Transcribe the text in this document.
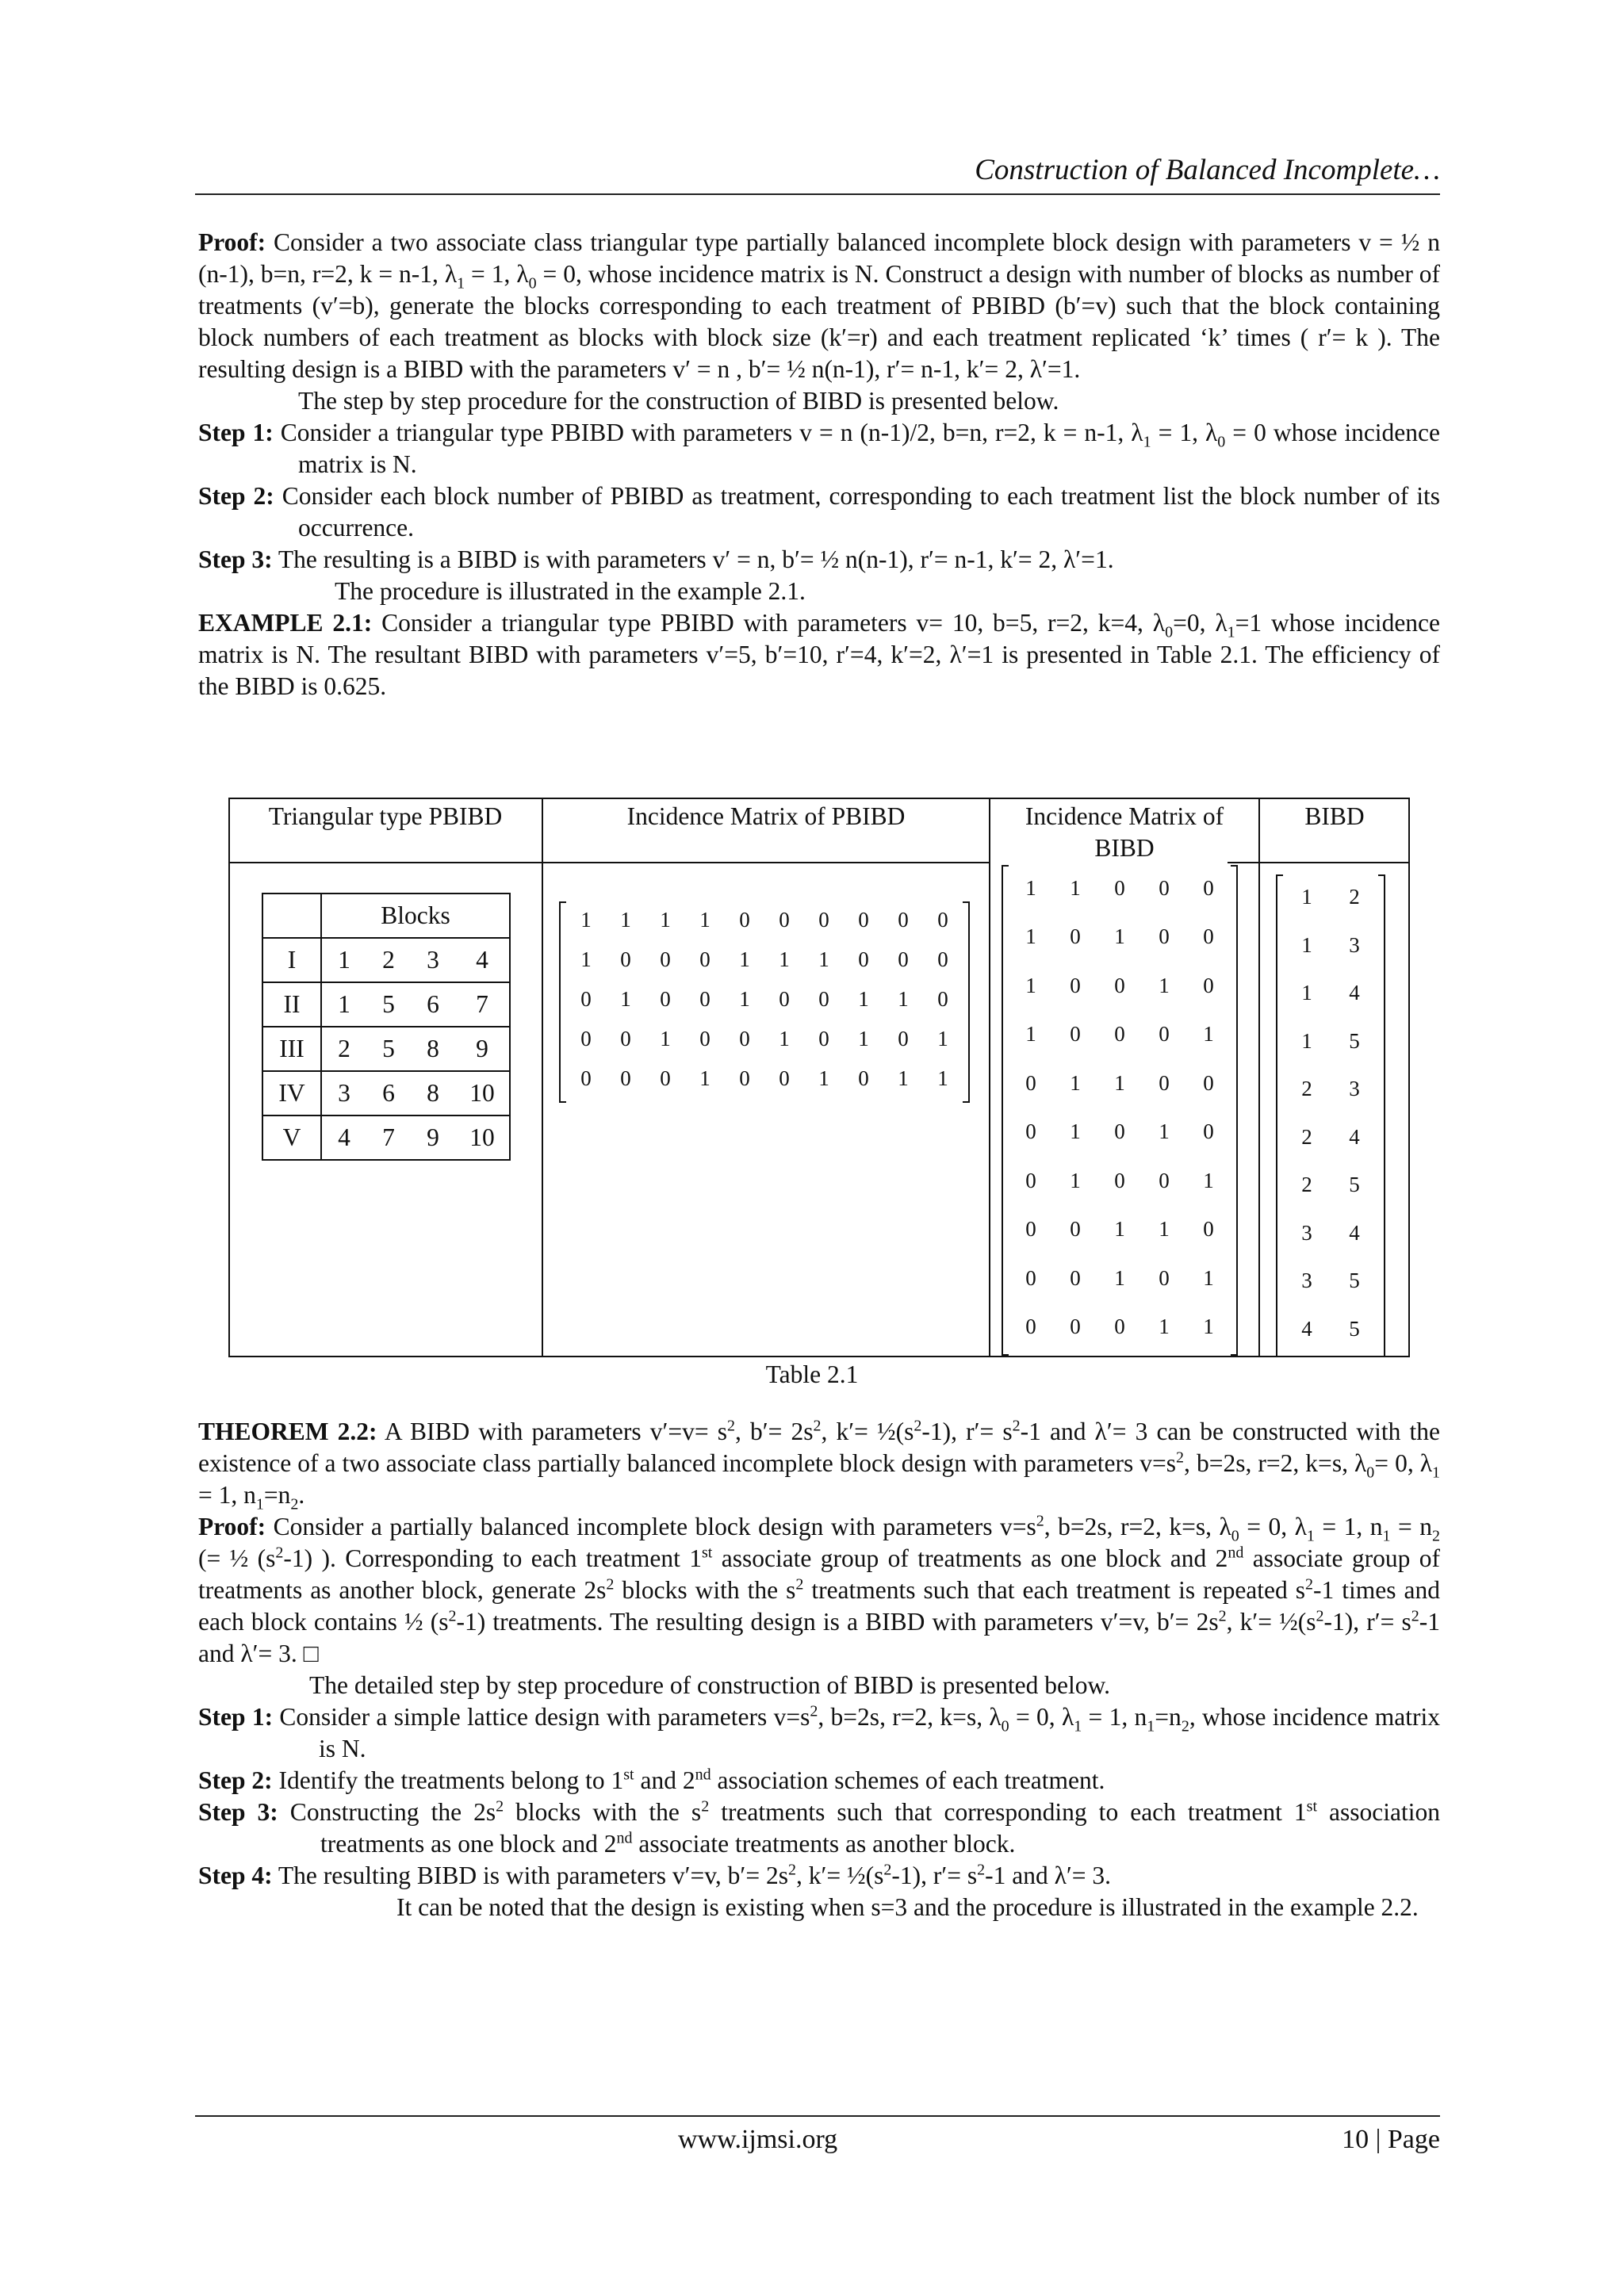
Construction of Balanced Incomplete…

Proof: Consider a two associate class triangular type partially balanced incomplete block design with parameters v = ½ n (n-1), b=n, r=2, k = n-1, $\lambda_1 = 1$, $\lambda_0 = 0$, whose incidence matrix is N. Construct a design with number of blocks as number of treatments (v′=b), generate the blocks corresponding to each treatment of PBIBD (b′=v) such that the block containing block numbers of each treatment as blocks with block size (k′=r) and each treatment replicated ‘k’ times ( r′= k ). The resulting design is a BIBD with the parameters v′ = n , b′= ½ n(n-1), r′= n-1, k′= 2, λ′=1.

The step by step procedure for the construction of BIBD is presented below.

Step 1: Consider a triangular type PBIBD with parameters v = n (n-1)/2, b=n, r=2, k = n-1, $\lambda_1 = 1$, $\lambda_0 = 0$ whose incidence matrix is N.

Step 2: Consider each block number of PBIBD as treatment, corresponding to each treatment list the block number of its occurrence.

Step 3: The resulting is a BIBD is with parameters v′ = n, b′= ½ n(n-1), r′= n-1, k′= 2, λ′=1.

The procedure is illustrated in the example 2.1.

EXAMPLE 2.1: Consider a triangular type PBIBD with parameters v= 10, b=5, r=2, k=4, $\lambda_0=0$, $\lambda_1=1$ whose incidence matrix is N. The resultant BIBD with parameters v′=5, b′=10, r′=4, k′=2, λ′=1 is presented in Table 2.1. The efficiency of the BIBD is 0.625.

Triangular type PBIBD	Incidence Matrix of PBIBD	Incidence Matrix of
BIBD
BIBD
	Blocks			
I	1	2	3	4
II	1	5	6	7
III	2	5	8	9
IV	3	6	8	10
V	4	7	9	10
1	1	1	1	0	0	0	0	0	0
1	0	0	0	1	1	1	0	0	0
0	1	0	0	1	0	0	1	1	0
0	0	1	0	0	1	0	1	0	1
0	0	0	1	0	0	1	0	1	1
1	1	0	0	0
1	0	1	0	0
1	0	0	1	0
1	0	0	0	1
0	1	1	0	0
0	1	0	1	0
0	1	0	0	1
0	0	1	1	0
0	0	1	0	1
0	0	0	1	1
1	2
1	3
1	4
1	5
2	3
2	4
2	5
3	4
3	5
4	5
Table 2.1

THEOREM 2.2: A BIBD with parameters $v'=v= s^2$, $b'= 2s^2$, $k'= \frac{1}{2}(s^2-1)$, $r'= s^2-1$ and λ′= 3 can be constructed with the existence of a two associate class partially balanced incomplete block design with parameters $v=s^2$, b=2s, r=2, k=s, $\lambda_0= 0$, $\lambda_1 = 1$, $n_1=n_2$.

Proof: Consider a partially balanced incomplete block design with parameters $v=s^2$, b=2s, r=2, k=s, $\lambda_0 = 0$, $\lambda_1 = 1$, $n_1 = n_2$ (= ½ $(s^2-1)$ ). Corresponding to each treatment 1st associate group of treatments as one block and 2nd associate group of treatments as another block, generate $2s^2$ blocks with the $s^2$ treatments such that each treatment is repeated $s^2-1$ times and each block contains ½ $(s^2-1)$ treatments. The resulting design is a BIBD with parameters v′=v, $b'= 2s^2$, $k'= \frac{1}{2}(s^2-1)$, $r'= s^2-1$ and λ′= 3. □

The detailed step by step procedure of construction of BIBD is presented below.

Step 1: Consider a simple lattice design with parameters $v=s^2$, b=2s, r=2, k=s, $\lambda_0 = 0$, $\lambda_1 = 1$, $n_1=n_2$, whose incidence matrix is N.

Step 2: Identify the treatments belong to 1st and 2nd association schemes of each treatment.

Step 3: Constructing the $2s^2$ blocks with the $s^2$ treatments such that corresponding to each treatment 1st association treatments as one block and 2nd associate treatments as another block.

Step 4: The resulting BIBD is with parameters v′=v, $b'= 2s^2$, $k'= \frac{1}{2}(s^2-1)$, $r'= s^2-1$ and λ′= 3.

It can be noted that the design is existing when s=3 and the procedure is illustrated in the example 2.2.

www.ijmsi.org	10 | Page
